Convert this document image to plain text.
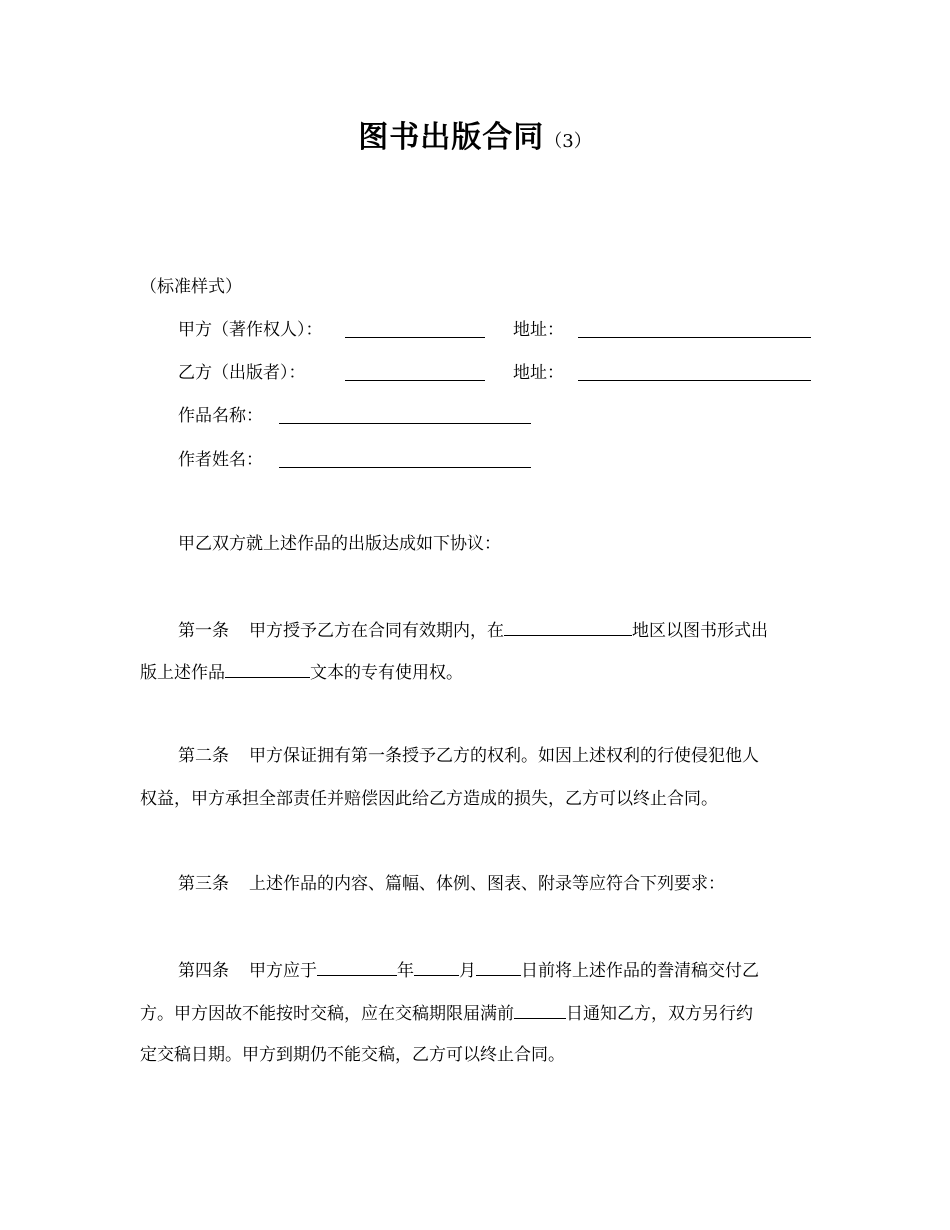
图书出版合同（3）
（标准样式）
甲方（著作权人）：	地址：
乙方（出版者）：	地址：
作品名称：
作者姓名：
甲乙双方就上述作品的出版达成如下协议：
第一条 甲方授予乙方在合同有效期内，在	地区以图书形式出
版上述作品	文本的专有使用权。
第二条 甲方保证拥有第一条授予乙方的权利。如因上述权利的行使侵犯他人
权益，甲方承担全部责任并赔偿因此给乙方造成的损失，乙方可以终止合同。
第三条 上述作品的内容、篇幅、体例、图表、附录等应符合下列要求：
第四条 甲方应于	年	月	日前将上述作品的誊清稿交付乙
方。甲方因故不能按时交稿，应在交稿期限届满前	日通知乙方，双方另行约
定交稿日期。甲方到期仍不能交稿，乙方可以终止合同。
